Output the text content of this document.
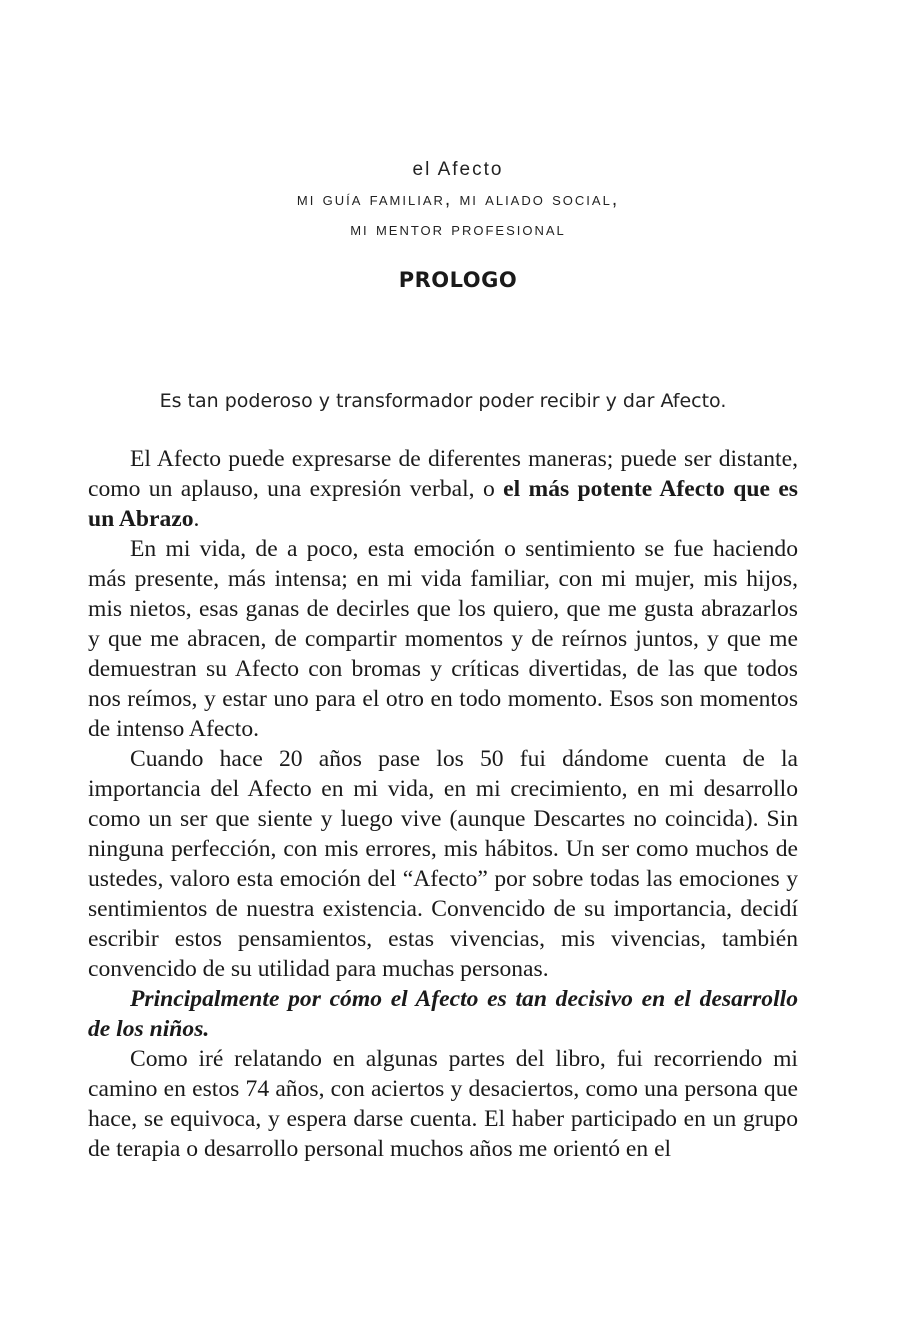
el Afecto
mi guía familiar, mi aliado social,
mi mentor profesional
PROLOGO
Es tan poderoso y transformador poder recibir y dar Afecto.

El Afecto puede expresarse de diferentes maneras; puede ser distante, como un aplauso, una expresión verbal, o el más potente Afecto que es un Abrazo.

En mi vida, de a poco, esta emoción o sentimiento se fue haciendo más presente, más intensa; en mi vida familiar, con mi mujer, mis hijos, mis nietos, esas ganas de decirles que los quiero, que me gusta abrazarlos y que me abracen, de compartir momentos y de reírnos juntos, y que me demuestran su Afecto con bromas y críticas divertidas, de las que todos nos reímos, y estar uno para el otro en todo momento. Esos son momentos de intenso Afecto.

Cuando hace 20 años pase los 50 fui dándome cuenta de la importancia del Afecto en mi vida, en mi crecimiento, en mi desarrollo como un ser que siente y luego vive (aunque Descartes no coincida). Sin ninguna perfección, con mis errores, mis hábitos. Un ser como muchos de ustedes, valoro esta emoción del “Afecto” por sobre todas las emociones y sentimientos de nuestra existencia. Convencido de su importancia, decidí escribir estos pensamientos, estas vivencias, mis vivencias, también convencido de su utilidad para muchas personas.

Principalmente por cómo el Afecto es tan decisivo en el desarrollo de los niños.

Como iré relatando en algunas partes del libro, fui recorriendo mi camino en estos 74 años, con aciertos y desaciertos, como una persona que hace, se equivoca, y espera darse cuenta. El haber participado en un grupo de terapia o desarrollo personal muchos años me orientó en el
